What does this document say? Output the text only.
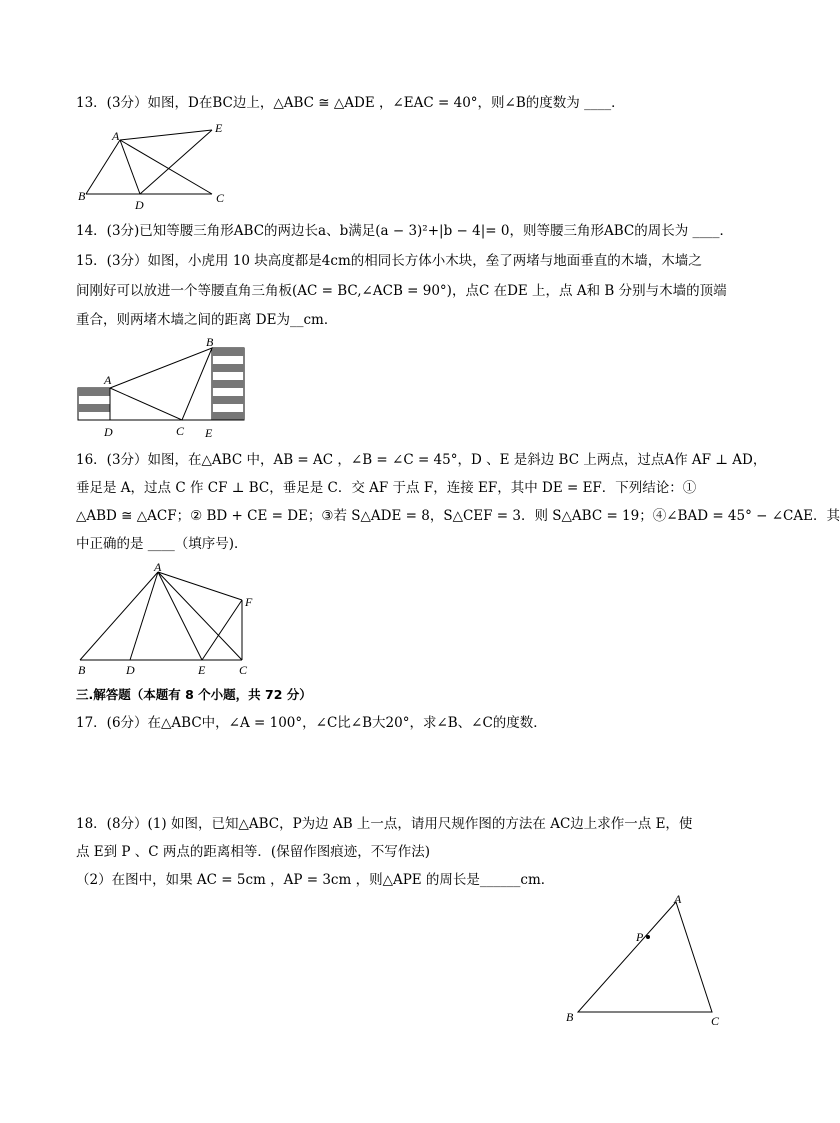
13．(3分）如图，D在BC边上，△ABC ≅ △ADE ，∠EAC = 40°，则∠B的度数为 ____．
A
B	C
D
E
14．(3分)已知等腰三角形ABC的两边长a、b满足(a − 3)²+|b − 4|= 0，则等腰三角形ABC的周长为 ____．
15．(3分）如图，小虎用 10 块高度都是4cm的相同长方体小木块，垒了两堵与地面垂直的木墙，木墙之
间刚好可以放进一个等腰直角三角板(AC = BC,∠ACB = 90°)，点C 在DE 上，点 A和 B 分别与木墙的顶端
重合，则两堵木墙之间的距离 DE为__cm．
A
B
C
D	E
16．(3分）如图，在△ABC 中，AB = AC ，∠B = ∠C = 45°，D 、E 是斜边 BC 上两点，过点A作 AF ⊥ AD，
垂足是 A，过点 C 作 CF ⊥ BC，垂足是 C．交 AF 于点 F，连接 EF，其中 DE = EF．下列结论：①
△ABD ≅ △ACF；② BD + CE = DE；③若 S△ADE = 8，S△CEF = 3．则 S△ABC = 19；④∠BAD = 45° − ∠CAE．其
中正确的是 ____（填序号)．
A
B	D	E	C
F
三.解答题（本题有 8 个小题，共 72 分）
17．(6分）在△ABC中，∠A = 100°，∠C比∠B大20°，求∠B、∠C的度数．
18．(8分）(1) 如图，已知△ABC，P为边 AB 上一点，请用尺规作图的方法在 AC边上求作一点 E，使
点 E到 P 、C 两点的距离相等．(保留作图痕迹，不写作法)
（2）在图中，如果 AC = 5cm ，AP = 3cm ，则△APE 的周长是______cm．
A
P
B	C
